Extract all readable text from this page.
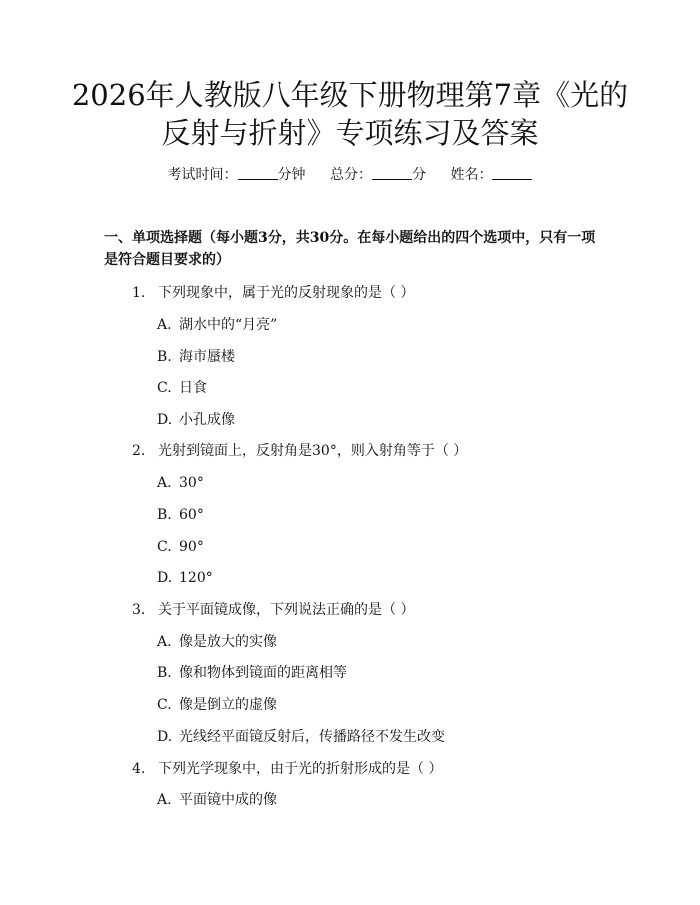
2026年人教版八年级下册物理第7章《光的
反射与折射》专项练习及答案
考试时间：	分钟 总分：	分 姓名：
一、单项选择题（每小题3分，共30分。在每小题给出的四个选项中，只有一项是符合题目要求的）
1. 下列现象中，属于光的反射现象的是（ ）
A. 湖水中的“月亮”
B. 海市蜃楼
C. 日食
D. 小孔成像
2. 光射到镜面上，反射角是30°，则入射角等于（ ）
A. 30°
B. 60°
C. 90°
D. 120°
3. 关于平面镜成像，下列说法正确的是（ ）
A. 像是放大的实像
B. 像和物体到镜面的距离相等
C. 像是倒立的虚像
D. 光线经平面镜反射后，传播路径不发生改变
4. 下列光学现象中，由于光的折射形成的是（ ）
A. 平面镜中成的像
